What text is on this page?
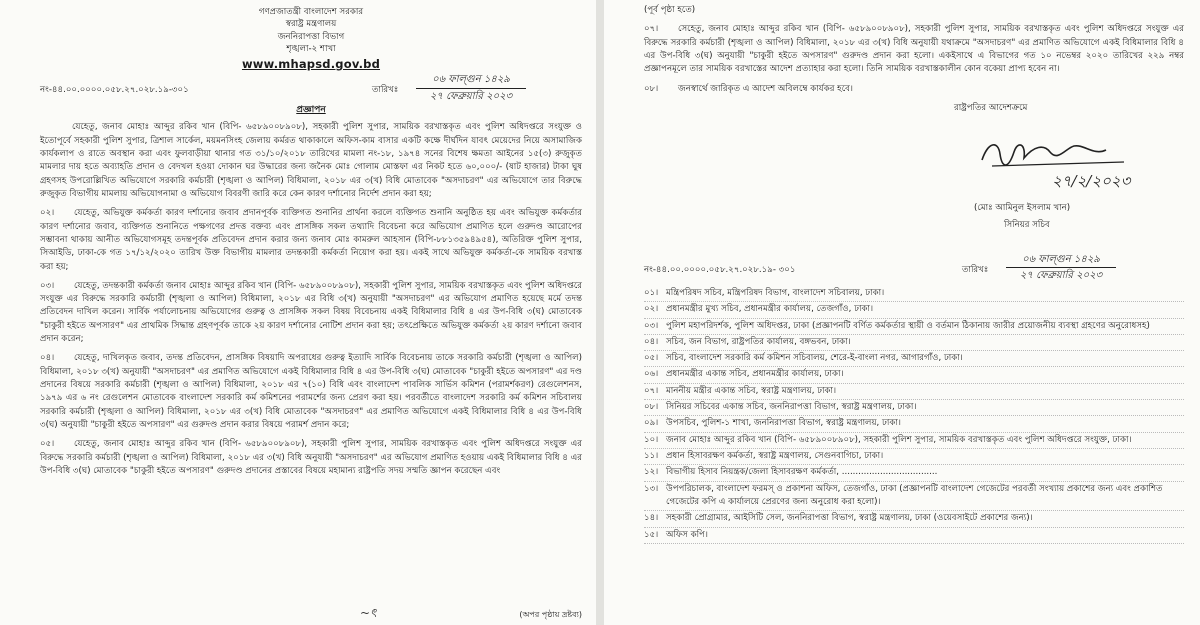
গণপ্রজাতন্ত্রী বাংলাদেশ সরকার
স্বরাষ্ট্র মন্ত্রণালয়
জননিরাপত্তা বিভাগ
শৃঙ্খলা-২ শাখা
www.mhapsd.gov.bd
নং-৪৪.০০.০০০০.০৫৮.২৭.০২৮.১৯-৩০১	তারিখঃ
০৬ ফাল্গুন ১৪২৯
২৭ ফেব্রুয়ারি ২০২৩
প্রজ্ঞাপন
যেহেতু, জনাব মোহাঃ আব্দুর রকিব খান (বিপি- ৬৫৮৯০০৮৯০৮), সহকারী পুলিশ সুপার, সাময়িক বরখাস্তকৃত এবং পুলিশ অধিদপ্তরে সংযুক্ত ও ইতোপূর্বে সহকারী পুলিশ সুপার, ত্রিশাল সার্কেল, ময়মনসিংহ জেলায় কর্মরত থাকাকালে অফিস-কাম বাসার একটি কক্ষে দীর্ঘদিন যাবৎ মেয়েদের নিয়ে অসামাজিক কার্যকলাপ ও রাতে অবস্থান করা এবং ফুলবাড়ীয়া থানার গত ৩১/১০/২০১৮ তারিখের মামলা নং-১৮, ১৯৭৪ সনের বিশেষ ক্ষমতা আইনের ১৫(৩) রুজুকৃত মামলার দায় হতে অব্যাহতি প্রদান ও বেদখল হওয়া দোকান ঘর উদ্ধারের জন্য জনৈক মোঃ গোলাম মোস্তফা এর নিকট হতে ৬০,০০০/- (ষাট হাজার) টাকা ঘুষ গ্রহণসহ উপরোল্লিখিত অভিযোগে সরকারি কর্মচারী (শৃঙ্খলা ও আপিল) বিধিমালা, ২০১৮ এর ৩(খ) বিধি মোতাবেক "অসদাচরণ" এর অভিযোগে তার বিরুদ্ধে রুজুকৃত বিভাগীয় মামলায় অভিযোগনামা ও অভিযোগ বিবরণী জারি করে কেন কারণ দর্শানোর নির্দেশ প্রদান করা হয়;
০২। যেহেতু, অভিযুক্ত কর্মকর্তা কারণ দর্শানোর জবাব প্রদানপূর্বক ব্যক্তিগত শুনানির প্রার্থনা করলে ব্যক্তিগত শুনানি অনুষ্ঠিত হয় এবং অভিযুক্ত কর্মকর্তার কারণ দর্শানোর জবাব, ব্যক্তিগত শুনানিতে পক্ষগণের প্রদত্ত বক্তব্য এবং প্রাসঙ্গিক সকল তথ্যাদি বিবেচনা করে অভিযোগ প্রমাণিত হলে গুরুদণ্ড আরোপের সম্ভাবনা থাকায় আনীত অভিযোগসমূহ তদন্তপূর্বক প্রতিবেদন প্রদান করার জন্য জনাব মোঃ কামরুল আহসান (বিপি-৮৮১৩৫৯৪৯৫৪), অতিরিক্ত পুলিশ সুপার, সিআইডি, ঢাকা-কে গত ১৭/১২/২০২০ তারিখ উক্ত বিভাগীয় মামলার তদন্তকারী কর্মকর্তা নিয়োগ করা হয়। একই সাথে অভিযুক্ত কর্মকর্তা-কে সাময়িক বরখাস্ত করা হয়;
০৩। যেহেতু, তদন্তকারী কর্মকর্তা জনাব মোহাঃ আব্দুর রকিব খান (বিপি- ৬৫৮৯০০৮৯০৮), সহকারী পুলিশ সুপার, সাময়িক বরখাস্তকৃত এবং পুলিশ অধিদপ্তরে সংযুক্ত এর বিরুদ্ধে সরকারি কর্মচারী (শৃঙ্খলা ও আপিল) বিধিমালা, ২০১৮ এর বিধি ৩(খ) অনুযায়ী "অসদাচরণ" এর অভিযোগ প্রমাণিত হয়েছে মর্মে তদন্ত প্রতিবেদন দাখিল করেন। সার্বিক পর্যালোচনায় অভিযোগের গুরুত্ব ও প্রাসঙ্গিক সকল বিষয় বিবেচনায় একই বিধিমালার বিধি ৪ এর উপ-বিধি ৩(ঘ) মোতাবেক "চাকুরী হইতে অপসারণ" এর প্রাথমিক সিদ্ধান্ত গ্রহণপূর্বক তাকে ২য় কারণ দর্শানোর নোটিশ প্রদান করা হয়; তৎপ্রেক্ষিতে অভিযুক্ত কর্মকর্তা ২য় কারণ দর্শানো জবাব প্রদান করেন;
০৪। যেহেতু, দাখিলকৃত জবাব, তদন্ত প্রতিবেদন, প্রাসঙ্গিক বিষয়াদি অপরাধের গুরুত্ব ইত্যাদি সার্বিক বিবেচনায় তাকে সরকারি কর্মচারী (শৃঙ্খলা ও আপিল) বিধিমালা, ২০১৮ ৩(খ) অনুযায়ী "অসদাচরণ" এর প্রমাণিত অভিযোগে একই বিধিমালার বিধি ৪ এর উপ-বিধি ৩(ঘ) মোতাবেক "চাকুরী হইতে অপসারণ" এর দণ্ড প্রদানের বিষয়ে সরকারি কর্মচারী (শৃঙ্খলা ও আপিল) বিধিমালা, ২০১৮ এর ৭(১০) বিধি এবং বাংলাদেশ পাবলিক সার্ভিস কমিশন (পরামর্শকরণ) রেগুলেশনস, ১৯৭৯ এর ৬ নং রেগুলেশন মোতাবেক বাংলাদেশ সরকারি কর্ম কমিশনের পরামর্শের জন্য প্রেরণ করা হয়। পরবর্তীতে বাংলাদেশ সরকারি কর্ম কমিশন সচিবালয় সরকারি কর্মচারী (শৃঙ্খলা ও আপিল) বিধিমালা, ২০১৮ এর ৩(খ) বিধি মোতাবেক "অসদাচরণ" এর প্রমাণিত অভিযোগে একই বিধিমালার বিধি ৪ এর উপ-বিধি ৩(ঘ) অনুযায়ী "চাকুরী হইতে অপসারণ" এর গুরুদণ্ড প্রদান করার বিষয়ে পরামর্শ প্রদান করে;
০৫। যেহেতু, জনাব মোহাঃ আব্দুর রকিব খান (বিপি- ৬৫৮৯০০৮৯০৮), সহকারী পুলিশ সুপার, সাময়িক বরখাস্তকৃত এবং পুলিশ অধিদপ্তরে সংযুক্ত এর বিরুদ্ধে সরকারি কর্মচারী (শৃঙ্খলা ও আপিল) বিধিমালা, ২০১৮ এর ৩(খ) বিধি অনুযায়ী "অসদাচরণ" এর অভিযোগ প্রমাণিত হওয়ায় একই বিধিমালার বিধি ৪ এর উপ-বিধি ৩(ঘ) মোতাবেক "চাকুরী হইতে অপসারণ" গুরুদণ্ড প্রদানের প্রস্তাবের বিষয়ে মহামান্য রাষ্ট্রপতি সদয় সম্মতি জ্ঞাপন করেছেন এবং
~ৎ	(অপর পৃষ্ঠায় দ্রষ্টব্য)
(পূর্ব পৃষ্ঠা হতে)
০৭। সেহেতু, জনাব মোহাঃ আব্দুর রকিব খান (বিপি- ৬৫৮৯০০৮৯০৮), সহকারী পুলিশ সুপার, সাময়িক বরখাস্তকৃত এবং পুলিশ অধিদপ্তরে সংযুক্ত এর বিরুদ্ধে সরকারি কর্মচারী (শৃঙ্খলা ও আপিল) বিধিমালা, ২০১৮ এর ৩(খ) বিধি অনুযায়ী যথাক্রমে "অসদাচরণ" এর প্রমাণিত অভিযোগে একই বিধিমালার বিধি ৪ এর উপ-বিধি ৩(ঘ) অনুযায়ী "চাকুরী হইতে অপসারণ" গুরুদণ্ড প্রদান করা হলো। একইসাথে এ বিভাগের গত ১০ নভেম্বর ২০২০ তারিখের ২২৯ নম্বর প্রজ্ঞাপনমূলে তার সাময়িক বরখাস্তের আদেশ প্রত্যাহার করা হলো। তিনি সাময়িক বরখাস্তকালীন কোন বকেয়া প্রাপ্য হবেন না।
০৮। জনস্বার্থে জারিকৃত এ আদেশ অবিলম্বে কার্যকর হবে।
রাষ্ট্রপতির আদেশক্রমে
২৭/২/২০২৩
(মোঃ আমিনুল ইসলাম খান)
সিনিয়র সচিব
নং-৪৪.০০.০০০০.০৫৮.২৭.০২৮.১৯- ৩০১	তারিখঃ
০৬ ফাল্গুন ১৪২৯
২৭ ফেব্রুয়ারি ২০২৩
০১। মন্ত্রিপরিষদ সচিব, মন্ত্রিপরিষদ বিভাগ, বাংলাদেশ সচিবালয়, ঢাকা।
০২। প্রধানমন্ত্রীর মুখ্য সচিব, প্রধানমন্ত্রীর কার্যালয়, তেজগাঁও, ঢাকা।
০৩। পুলিশ মহাপরিদর্শক, পুলিশ অধিদপ্তর, ঢাকা (প্রজ্ঞাপনটি বর্ণিত কর্মকর্তার স্থায়ী ও বর্তমান ঠিকানায় জারীর প্রয়োজনীয় ব্যবস্থা গ্রহণের অনুরোধসহ)
০৪। সচিব, জন বিভাগ, রাষ্ট্রপতির কার্যালয়, বঙ্গভবন, ঢাকা।
০৫। সচিব, বাংলাদেশ সরকারি কর্ম কমিশন সচিবালয়, শেরে-ই-বাংলা নগর, আগারগাঁও, ঢাকা।
০৬। প্রধানমন্ত্রীর একান্ত সচিব, প্রধানমন্ত্রীর কার্যালয়, ঢাকা।
০৭। মাননীয় মন্ত্রীর একান্ত সচিব, স্বরাষ্ট্র মন্ত্রণালয়, ঢাকা।
০৮। সিনিয়র সচিবের একান্ত সচিব, জননিরাপত্তা বিভাগ, স্বরাষ্ট্র মন্ত্রণালয়, ঢাকা।
০৯। উপসচিব, পুলিশ-১ শাখা, জননিরাপত্তা বিভাগ, স্বরাষ্ট্র মন্ত্রণালয়, ঢাকা।
১০। জনাব মোহাঃ আব্দুর রকিব খান (বিপি- ৬৫৮৯০০৮৯০৮), সহকারী পুলিশ সুপার, সাময়িক বরখাস্তকৃত এবং পুলিশ অধিদপ্তরে সংযুক্ত, ঢাকা।
১১। প্রধান হিসাবরক্ষণ কর্মকর্তা, স্বরাষ্ট্র মন্ত্রণালয়, সেগুনবাগিচা, ঢাকা।
১২। বিভাগীয় হিসাব নিয়ন্ত্রক/জেলা হিসাবরক্ষণ কর্মকর্তা, ...................................
১৩। উপপরিচালক, বাংলাদেশ ফরমস্ ও প্রকাশনা অফিস, তেজগাঁও, ঢাকা (প্রজ্ঞাপনটি বাংলাদেশ গেজেটের পরবর্তী সংখ্যায় প্রকাশের জন্য এবং প্রকাশিত গেজেটের কপি এ কার্যালয়ে প্রেরণের জন্য অনুরোধ করা হলো)।
১৪। সহকারী প্রোগ্রামার, আইসিটি সেল, জননিরাপত্তা বিভাগ, স্বরাষ্ট্র মন্ত্রণালয়, ঢাকা (ওয়েবসাইটে প্রকাশের জন্য)।
১৫। অফিস কপি।
